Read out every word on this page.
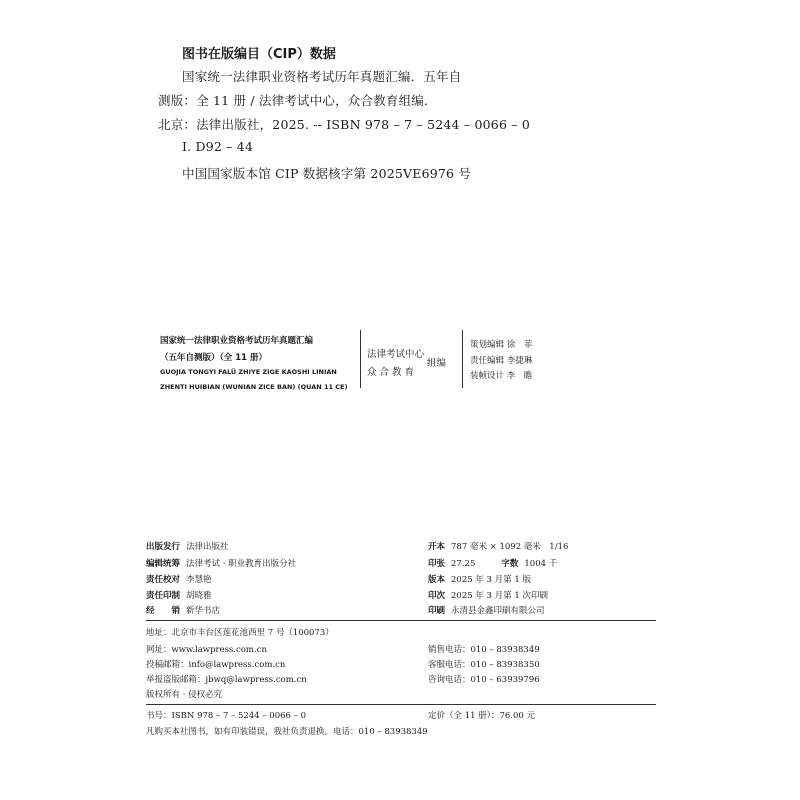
图书在版编目（CIP）数据
国家统一法律职业资格考试历年真题汇编．五年自
测版：全 11 册 / 法律考试中心，众合教育组编．
北京：法律出版社，2025. -- ISBN 978 – 7 – 5244 – 0066 – 0
Ⅰ. D92 – 44
中国国家版本馆 CIP 数据核字第 2025VE6976 号
国家统一法律职业资格考试历年真题汇编
（五年自测版）（全 11 册）
GUOJIA TONGYI FALÜ ZHIYE ZIGE KAOSHI LINIAN
ZHENTI HUIBIAN (WUNIAN ZICE BAN) (QUAN 11 CE)
法律考试中心
众 合 教 育
组编
策划编辑 徐　菲
责任编辑 李捷琳
装帧设计 李　瞻
出版发行 法律出版社
编辑统筹 法律考试 · 职业教育出版分社
责任校对 李慧艳
责任印制 胡晓雅
经　　销 新华书店
开本 787 毫米 × 1092 毫米　1/16
印张 27.25	字数 1004 千
版本 2025 年 3 月第 1 版
印次 2025 年 3 月第 1 次印刷
印刷 永清县金鑫印刷有限公司
地址：北京市丰台区莲花池西里 7 号（100073）
网址：www.lawpress.com.cn
投稿邮箱：info@lawpress.com.cn
举报盗版邮箱：jbwq@lawpress.com.cn
版权所有 · 侵权必究
销售电话：010 – 83938349
客服电话：010 – 83938350
咨询电话：010 – 63939796
书号：ISBN 978 – 7 – 5244 – 0066 – 0	定价（全 11 册）：76.00 元
凡购买本社图书，如有印装错误，我社负责退换。电话：010 – 83938349
